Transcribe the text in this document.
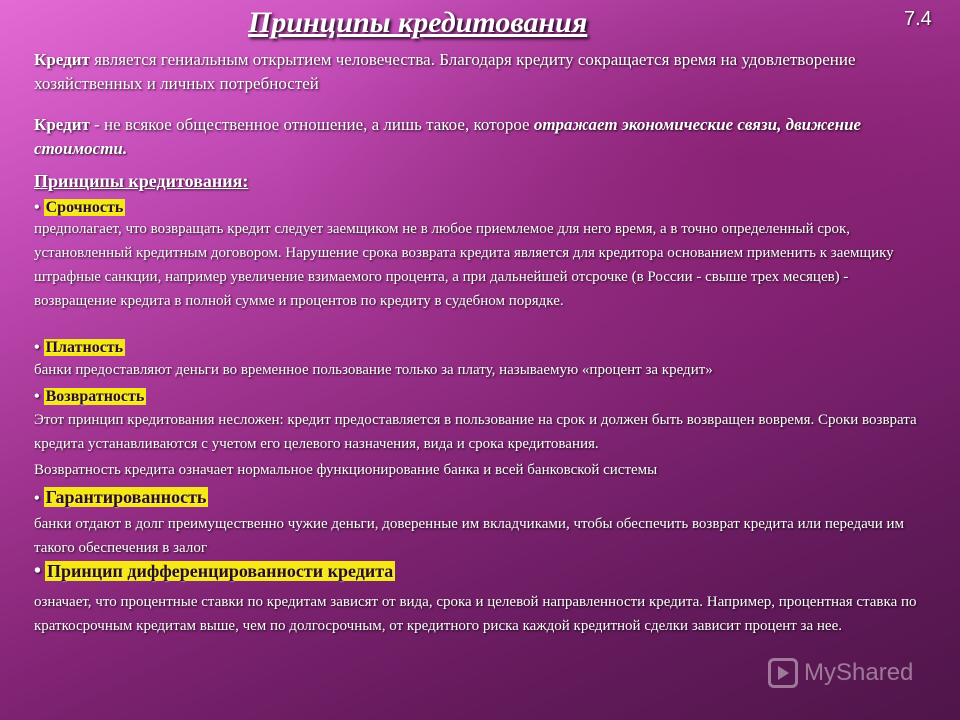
Принципы кредитования	7.4
Кредит является гениальным открытием человечества. Благодаря кредиту сокращается время на удовлетворение хозяйственных и личных потребностей
Кредит - не всякое общественное отношение, а лишь такое, которое отражает экономические связи, движение стоимости.
Принципы кредитования:
• Срочность
предполагает, что возвращать кредит следует заемщиком не в любое приемлемое для него время, а в точно определенный срок, установленный кредитным договором. Нарушение срока возврата кредита является для кредитора основанием применить к заемщику штрафные санкции, например увеличение взимаемого процента, а при дальнейшей отсрочке (в России - свыше трех месяцев) - возвращение кредита в полной сумме и процентов по кредиту в судебном порядке.
• Платность
банки предоставляют деньги во временное пользование только за плату, называемую «процент за кредит»
• Возвратность
Этот принцип кредитования несложен: кредит предоставляется в пользование на срок и должен быть возвращен вовремя. Сроки возврата кредита устанавливаются с учетом его целевого назначения, вида и срока кредитования.
Возвратность кредита означает нормальное функционирование банка и всей банковской системы
• Гарантированность
банки отдают в долг преимущественно чужие деньги, доверенные им вкладчиками, чтобы обеспечить возврат кредита или передачи им такого обеспечения в залог
• Принцип дифференцированности кредита
означает, что процентные ставки по кредитам зависят от вида, срока и целевой направленности кредита. Например, процентная ставка по краткосрочным кредитам выше, чем по долгосрочным, от кредитного риска каждой кредитной сделки зависит процент за нее.
MyShared
